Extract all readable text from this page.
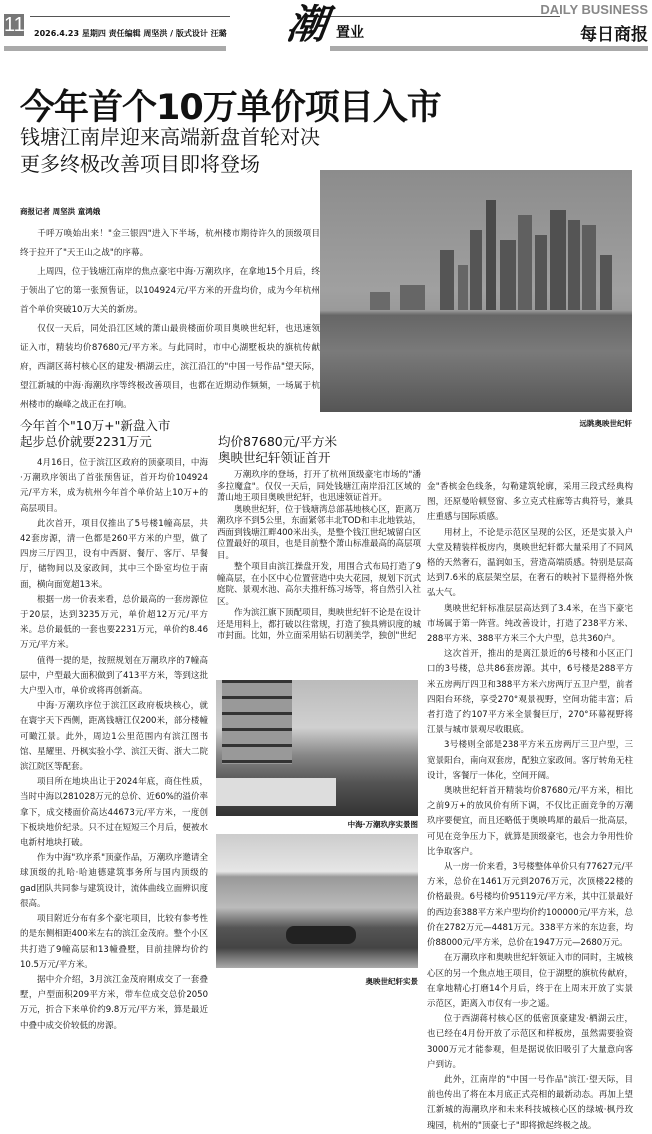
11 2026.4.23 星期四 责任编辑 周坚洪 / 版式设计 汪璐 潮 置业
DAILY BUSINESS
每日商报
今年首个10万单价项目入市
钱塘江南岸迎来高端新盘首轮对决
更多终极改善项目即将登场
商报记者 周坚洪 童鸿娥

千呼万唤始出来！"金三银四"进入下半场，杭州楼市期待许久的顶级项目终于拉开了"天王山之战"的序幕。

上周四，位于钱塘江南岸的焦点豪宅中海·万潮玖序，在拿地15个月后，终于领出了它的第一张预售证，以104924元/平方米的开盘均价，成为今年杭州首个单价突破10万大关的新房。

仅仅一天后，同处沿江区域的萧山最贵楼面价项目奥映世纪轩，也迅速领证入市，精装均价87680元/平方米。与此同时，市中心湖墅板块的旗杭传献府，西湖区蒋村核心区的建发·栖湖云庄，滨江沿江的"中国一号作品"望天际，望江新城的中海·海潮玖序等终极改善项目，也都在近期动作频频，一场属于杭州楼市的巅峰之战正在打响。

远眺奥映世纪轩
今年首个"10万+"新盘入市
起步总价就要2231万元

4月16日，位于滨江区政府的顶豪项目，中海·万潮玖序领出了首张预售证，首开均价104924元/平方米，成为杭州今年首个单价站上10万+的高层项目。

此次首开，项目仅推出了5号楼1幢高层，共42套房源，清一色都是260平方米的户型，做了四房三厅四卫，设有中西厨、餐厅、客厅、早餐厅，储物间以及家政间，其中三个卧室均位于南面，横向面宽超13米。

根据一房一价表来看，总价最高的一套房源位于20层，达到3235万元，单价超12万元/平方米。总价最低的一套也要2231万元，单价约8.46万元/平方米。

值得一提的是，按照规划在万潮玖序的7幢高层中，户型最大面积做到了413平方米，等到这批大户型入市，单价或将再创新高。

中海·万潮玖序位于滨江区政府板块核心，就在寰宇天下西侧，距离钱塘江仅200米，部分楼幢可瞰江景。此外，周边1公里范围内有滨江图书馆、星耀里、丹枫实验小学、滨江天街、浙大二院滨江院区等配套。

项目所在地块出让于2024年底，商住性质，当时中海以281028万元的总价、近60%的溢价率拿下，成交楼面价高达44673元/平方米，一度创下板块地价纪录。只不过在短短三个月后，便被水电新村地块打破。

作为中海"玖序系"顶豪作品，万潮玖序邀请全球顶级的扎哈·哈迪德建筑事务所与国内顶级的gad团队共同参与建筑设计，流体曲线立面辨识度很高。

项目附近分布有多个豪宅项目，比较有参考性的是东侧相距400米左右的滨江金茂府。整个小区共打造了9幢高层和13幢叠墅，目前挂牌均价约10.5万元/平方米。

据中介介绍，3月滨江金茂府刚成交了一套叠墅，户型面积209平方米，带车位成交总价2050万元，折合下来单价约9.8万元/平方米，算是最近中叠中成交价较低的房源。

均价87680元/平方米
奥映世纪轩领证首开

万潮玖序的登场，打开了杭州顶级豪宅市场的"潘多拉魔盒"。仅仅一天后，同处钱塘江南岸沿江区域的萧山地王项目奥映世纪轩，也迅速领证首开。

奥映世纪轩，位于钱塘湾总部基地核心区，距离万潮玖序不到5公里，东面紧邻丰北TOD和丰北地铁站，西面到钱塘江畔400米出头，是整个钱江世纪城留白区位置最好的项目，也是目前整个萧山标准最高的高层项目。

整个项目由滨江操盘开发，用围合式布局打造了9幢高层，在小区中心位置营造中央大花园，规划下沉式庭院、景观水池、高尔夫推杆练习场等，将自然引入社区。

作为滨江旗下顶配项目，奥映世纪轩不论是在设计还是用料上，都打破以往常规，打造了独具辨识度的城市封面。比如，外立面采用钻石切割美学，独创"世纪

中海·万潮玖序实景图
奥映世纪轩实景

金"香槟金色线条，勾勒建筑轮廓，采用三段式经典构图，还原曼哈顿竖窗、多立克式柱廊等古典符号，兼具庄重感与国际质感。

用材上，不论是示范区呈现的公区，还是实景入户大堂及精装样板房内，奥映世纪轩都大量采用了不同风格的天然奢石，温润如玉，营造高端质感。特别是层高达到7.6米的底层架空层，在奢石的映衬下显得格外恢弘大气。

奥映世纪轩标准层层高达到了3.4米，在当下豪宅市场属于第一阵营。纯改善设计，打造了238平方米、288平方米、388平方米三个大户型，总共360户。

这次首开，推出的是离江景近的6号楼和小区正门口的3号楼，总共86套房源。其中，6号楼是288平方米五房两厅四卫和388平方米六房两厅五卫户型，前者四阳台环绕，享受270°观景视野，空间功能丰富；后者打造了约107平方米全景餐巨厅，270°环幕视野将江景与城市景观尽收眼底。

3号楼则全部是238平方米五房两厅三卫户型，三宽景阳台，南向双套房，配独立家政间。客厅转角无柱设计，客餐厅一体化，空间开阔。

奥映世纪轩首开精装均价87680元/平方米，相比之前9万+的放风价有所下调，不仅比正面竞争的万潮玖序要便宜，而且还略低于奥映鸣犀的最后一批高层，可见在竞争压力下，就算是顶级豪宅，也会力争用性价比争取客户。

从一房一价来看，3号楼整体单价只有77627元/平方米，总价在1461万元到2076万元，次顶楼22楼的价格最贵。6号楼均价95119元/平方米，其中江景最好的西边套388平方米户型均价约100000元/平方米，总价在2782万元—4481万元。338平方米的东边套，均价88000元/平方米，总价在1947万元—2680万元。

在万潮玖序和奥映世纪轩领证入市的同时，主城核心区的另一个焦点地王项目，位于湖墅的旗杭传献府，在拿地精心打磨14个月后，终于在上周末开放了实景示范区，距离入市仅有一步之遥。

位于西湖蒋村核心区的低密顶豪建发·栖湖云庄，也已经在4月份开放了示范区和样板房，虽然需要验资3000万元才能参观，但是据说依旧吸引了大量意向客户到访。

此外，江南岸的"中国一号作品"滨江·望天际，目前也传出了将在本月底正式亮相的最新动态。再加上望江新城的海潮玖序和未来科技城核心区的绿城·枫丹玫瑰园，杭州的"顶豪七子"即将掀起终极之战。
